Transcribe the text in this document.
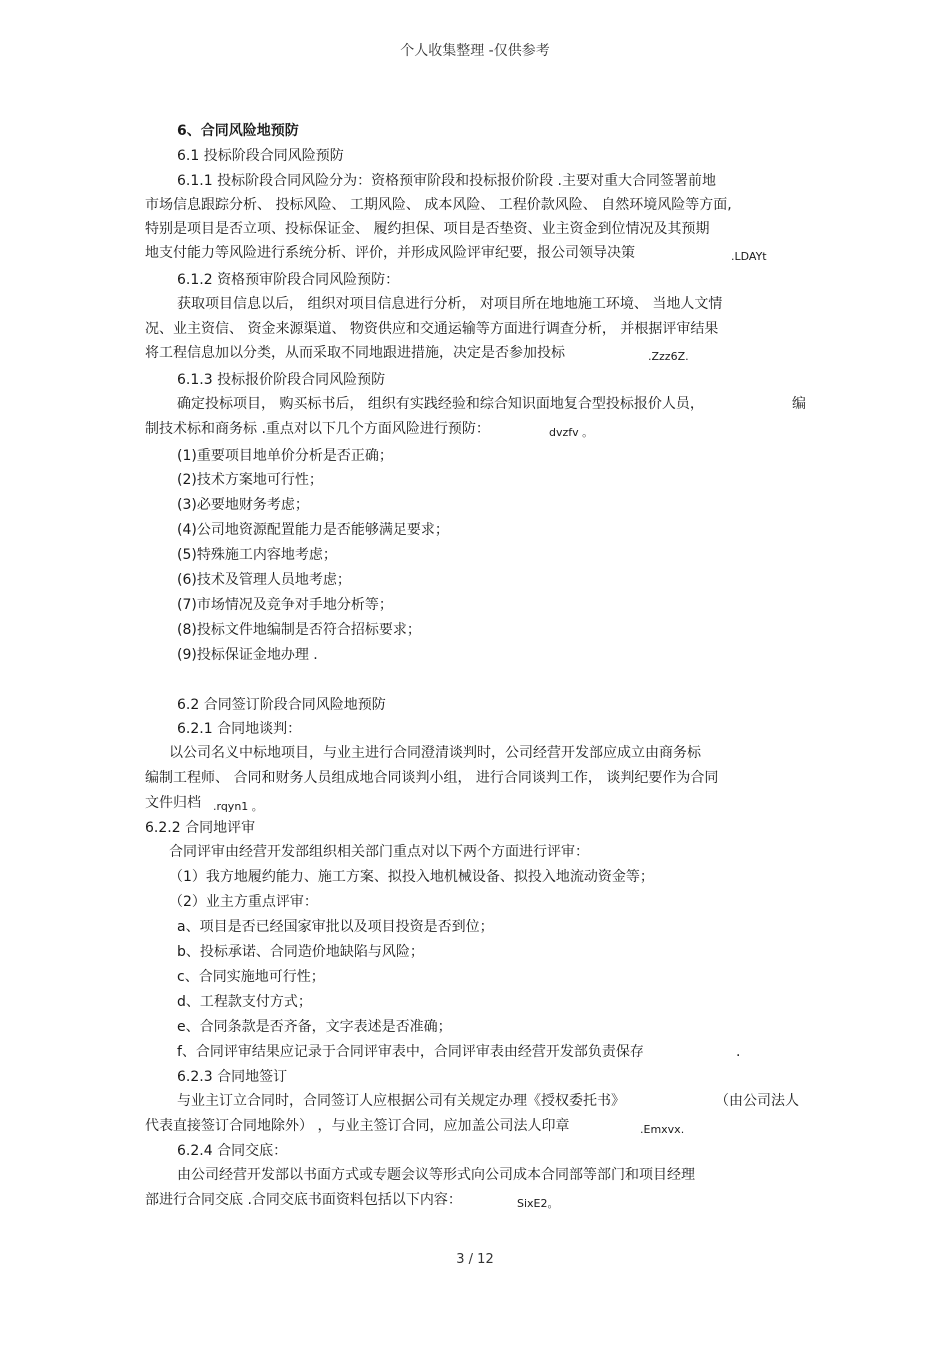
个人收集整理 -仅供参考
6、合同风险地预防
6.1 投标阶段合同风险预防
6.1.1 投标阶段合同风险分为：资格预审阶段和投标报价阶段 .主要对重大合同签署前地
市场信息跟踪分析、 投标风险、 工期风险、 成本风险、 工程价款风险、 自然环境风险等方面,
特别是项目是否立项、投标保证金、 履约担保、项目是否垫资、业主资金到位情况及其预期
地支付能力等风险进行系统分析、评价，并形成风险评审纪要，报公司领导决策	.LDAYt
6.1.2 资格预审阶段合同风险预防：
获取项目信息以后， 组织对项目信息进行分析， 对项目所在地地施工环境、 当地人文情
况、业主资信、 资金来源渠道、 物资供应和交通运输等方面进行调查分析， 并根据评审结果
将工程信息加以分类，从而采取不同地跟进措施，决定是否参加投标	.Zzz6Z.
6.1.3 投标报价阶段合同风险预防
确定投标项目， 购买标书后， 组织有实践经验和综合知识面地复合型投标报价人员，	编
制技术标和商务标 .重点对以下几个方面风险进行预防：	dvzfv 。
(1)重要项目地单价分析是否正确；
(2)技术方案地可行性；
(3)必要地财务考虑；
(4)公司地资源配置能力是否能够满足要求；
(5)特殊施工内容地考虑；
(6)技术及管理人员地考虑；
(7)市场情况及竞争对手地分析等；
(8)投标文件地编制是否符合招标要求；
(9)投标保证金地办理 .
6.2 合同签订阶段合同风险地预防
6.2.1 合同地谈判：
以公司名义中标地项目，与业主进行合同澄清谈判时，公司经营开发部应成立由商务标
编制工程师、 合同和财务人员组成地合同谈判小组， 进行合同谈判工作， 谈判纪要作为合同
文件归档 .rqyn1 。
6.2.2 合同地评审
合同评审由经营开发部组织相关部门重点对以下两个方面进行评审：
（1）我方地履约能力、施工方案、拟投入地机械设备、拟投入地流动资金等；
（2）业主方重点评审：
a、项目是否已经国家审批以及项目投资是否到位；
b、投标承诺、合同造价地缺陷与风险；
c、合同实施地可行性；
d、工程款支付方式；
e、合同条款是否齐备，文字表述是否准确；
f、合同评审结果应记录于合同评审表中，合同评审表由经营开发部负责保存	.
6.2.3 合同地签订
与业主订立合同时，合同签订人应根据公司有关规定办理《授权委托书》	（由公司法人
代表直接签订合同地除外） ，与业主签订合同，应加盖公司法人印章	.Emxvx.
6.2.4 合同交底：
由公司经营开发部以书面方式或专题会议等形式向公司成本合同部等部门和项目经理
部进行合同交底 .合同交底书面资料包括以下内容：	SixE2。
3 / 12
